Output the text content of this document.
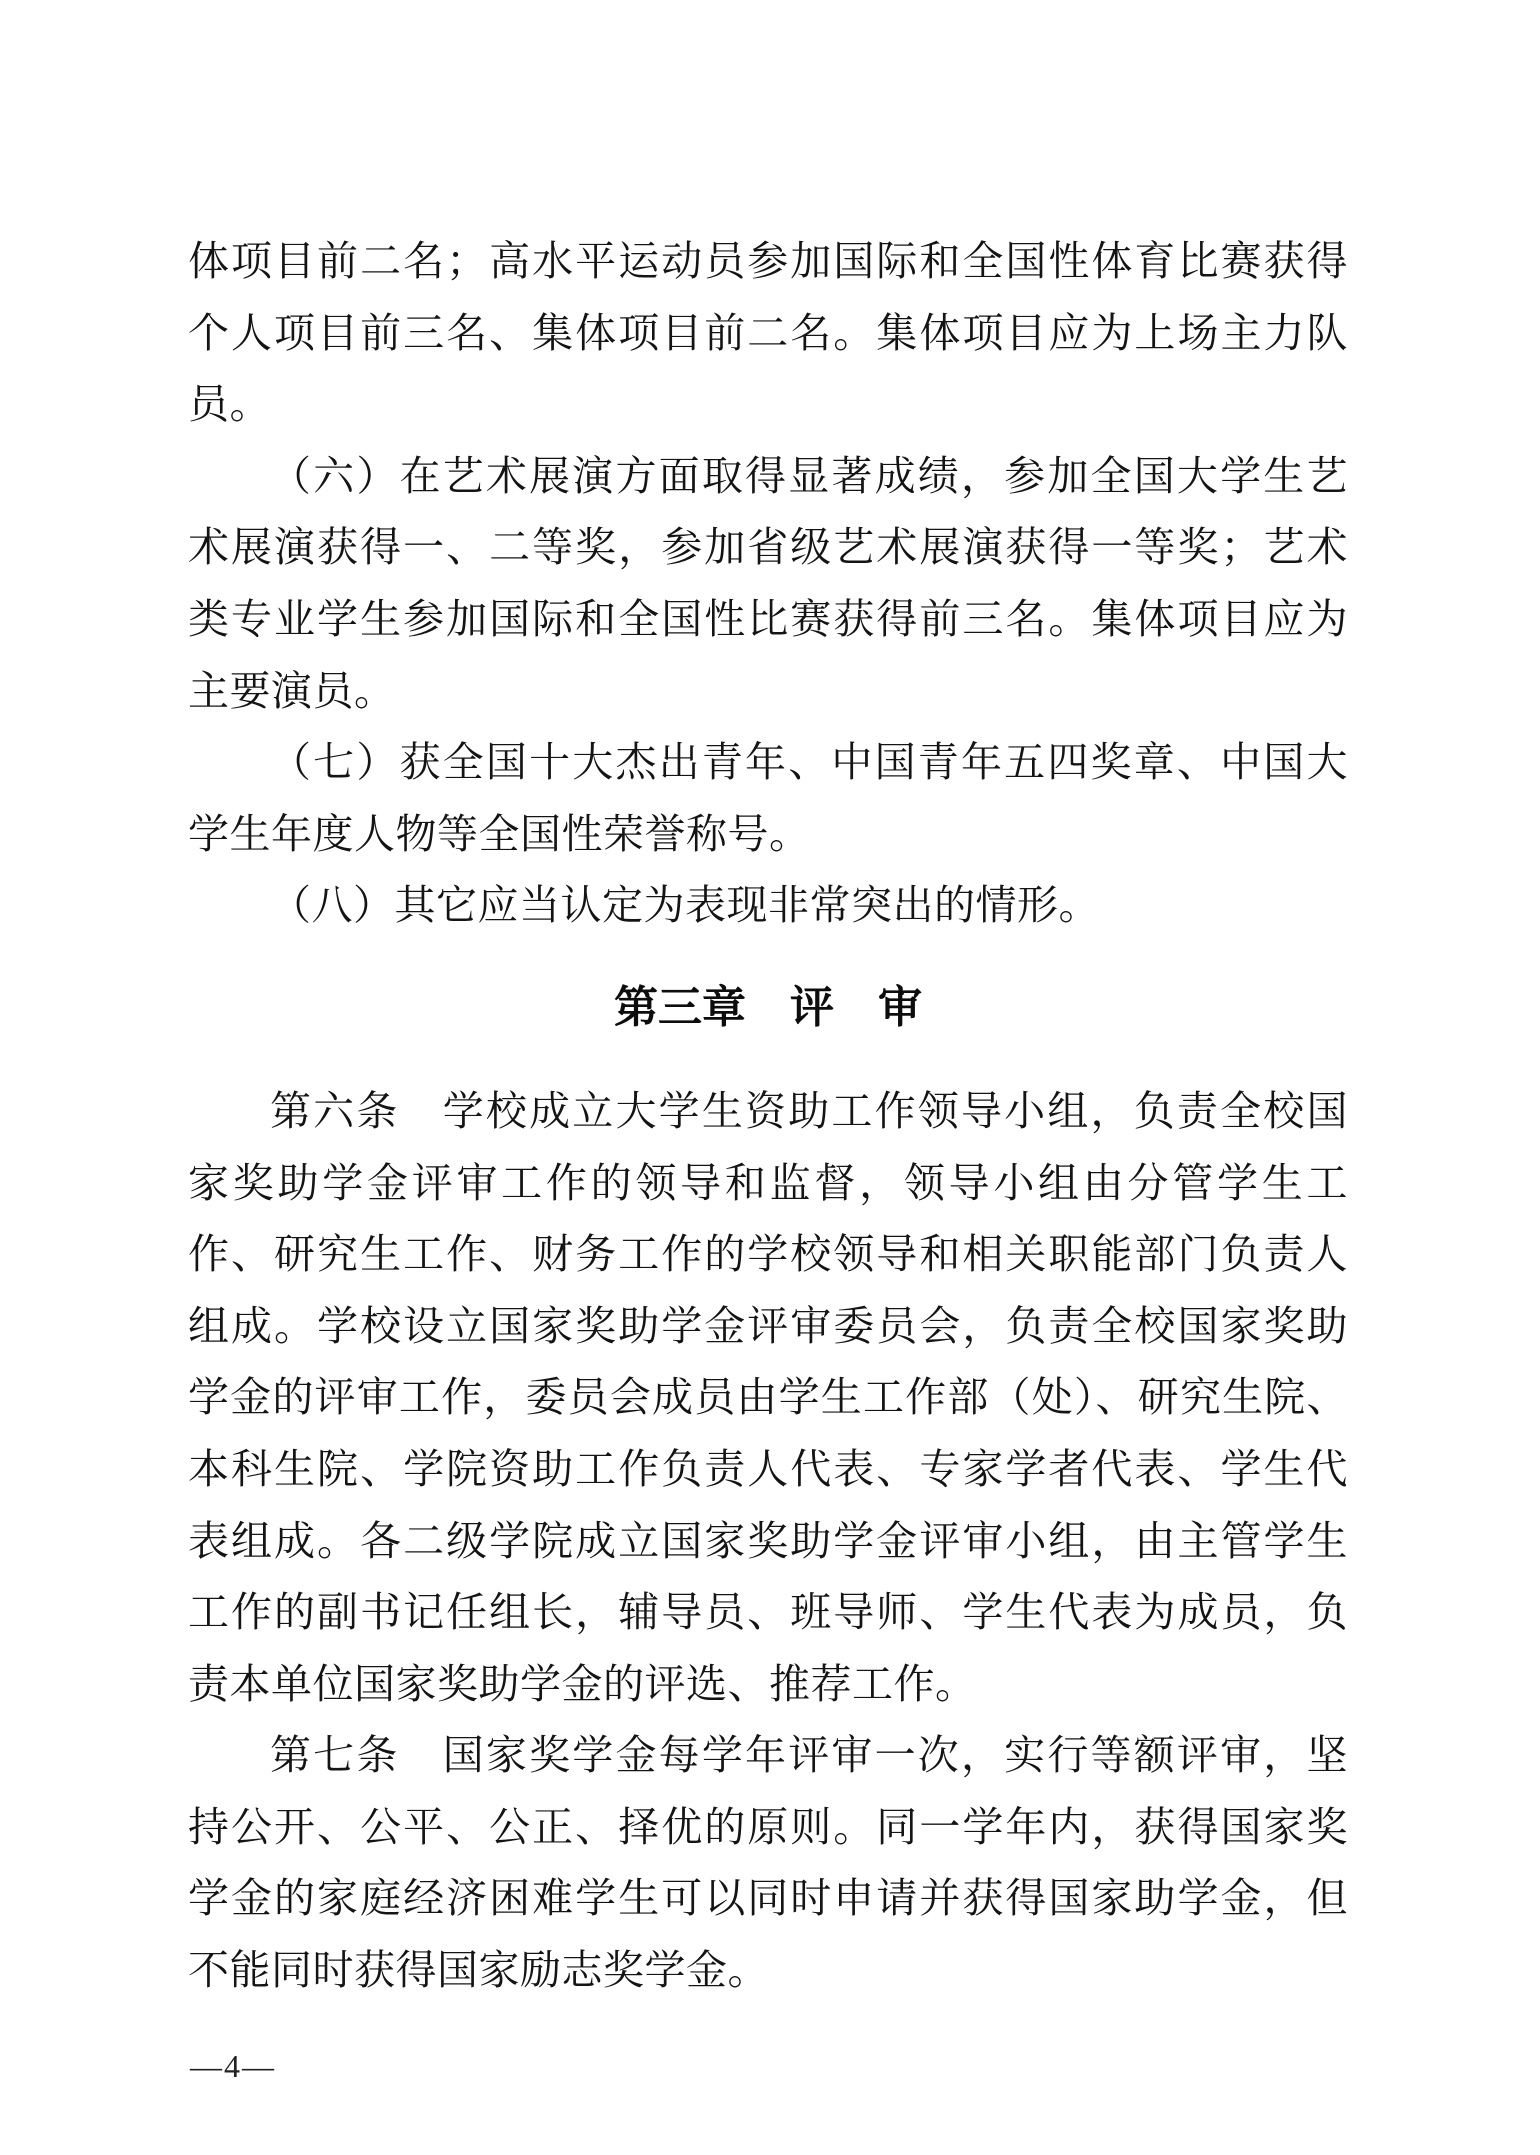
体项目前二名；高水平运动员参加国际和全国性体育比赛获得
个人项目前三名、集体项目前二名。集体项目应为上场主力队
员。
（六）在艺术展演方面取得显著成绩，参加全国大学生艺
术展演获得一、二等奖，参加省级艺术展演获得一等奖；艺术
类专业学生参加国际和全国性比赛获得前三名。集体项目应为
主要演员。
（七）获全国十大杰出青年、中国青年五四奖章、中国大
学生年度人物等全国性荣誉称号。
（八）其它应当认定为表现非常突出的情形。
第三章　评　审
第六条　学校成立大学生资助工作领导小组，负责全校国
家奖助学金评审工作的领导和监督，领导小组由分管学生工
作、研究生工作、财务工作的学校领导和相关职能部门负责人
组成。学校设立国家奖助学金评审委员会，负责全校国家奖助
学金的评审工作，委员会成员由学生工作部（处）、研究生院、
本科生院、学院资助工作负责人代表、专家学者代表、学生代
表组成。各二级学院成立国家奖助学金评审小组，由主管学生
工作的副书记任组长，辅导员、班导师、学生代表为成员，负
责本单位国家奖助学金的评选、推荐工作。
第七条　国家奖学金每学年评审一次，实行等额评审，坚
持公开、公平、公正、择优的原则。同一学年内，获得国家奖
学金的家庭经济困难学生可以同时申请并获得国家助学金，但
不能同时获得国家励志奖学金。
—4—
